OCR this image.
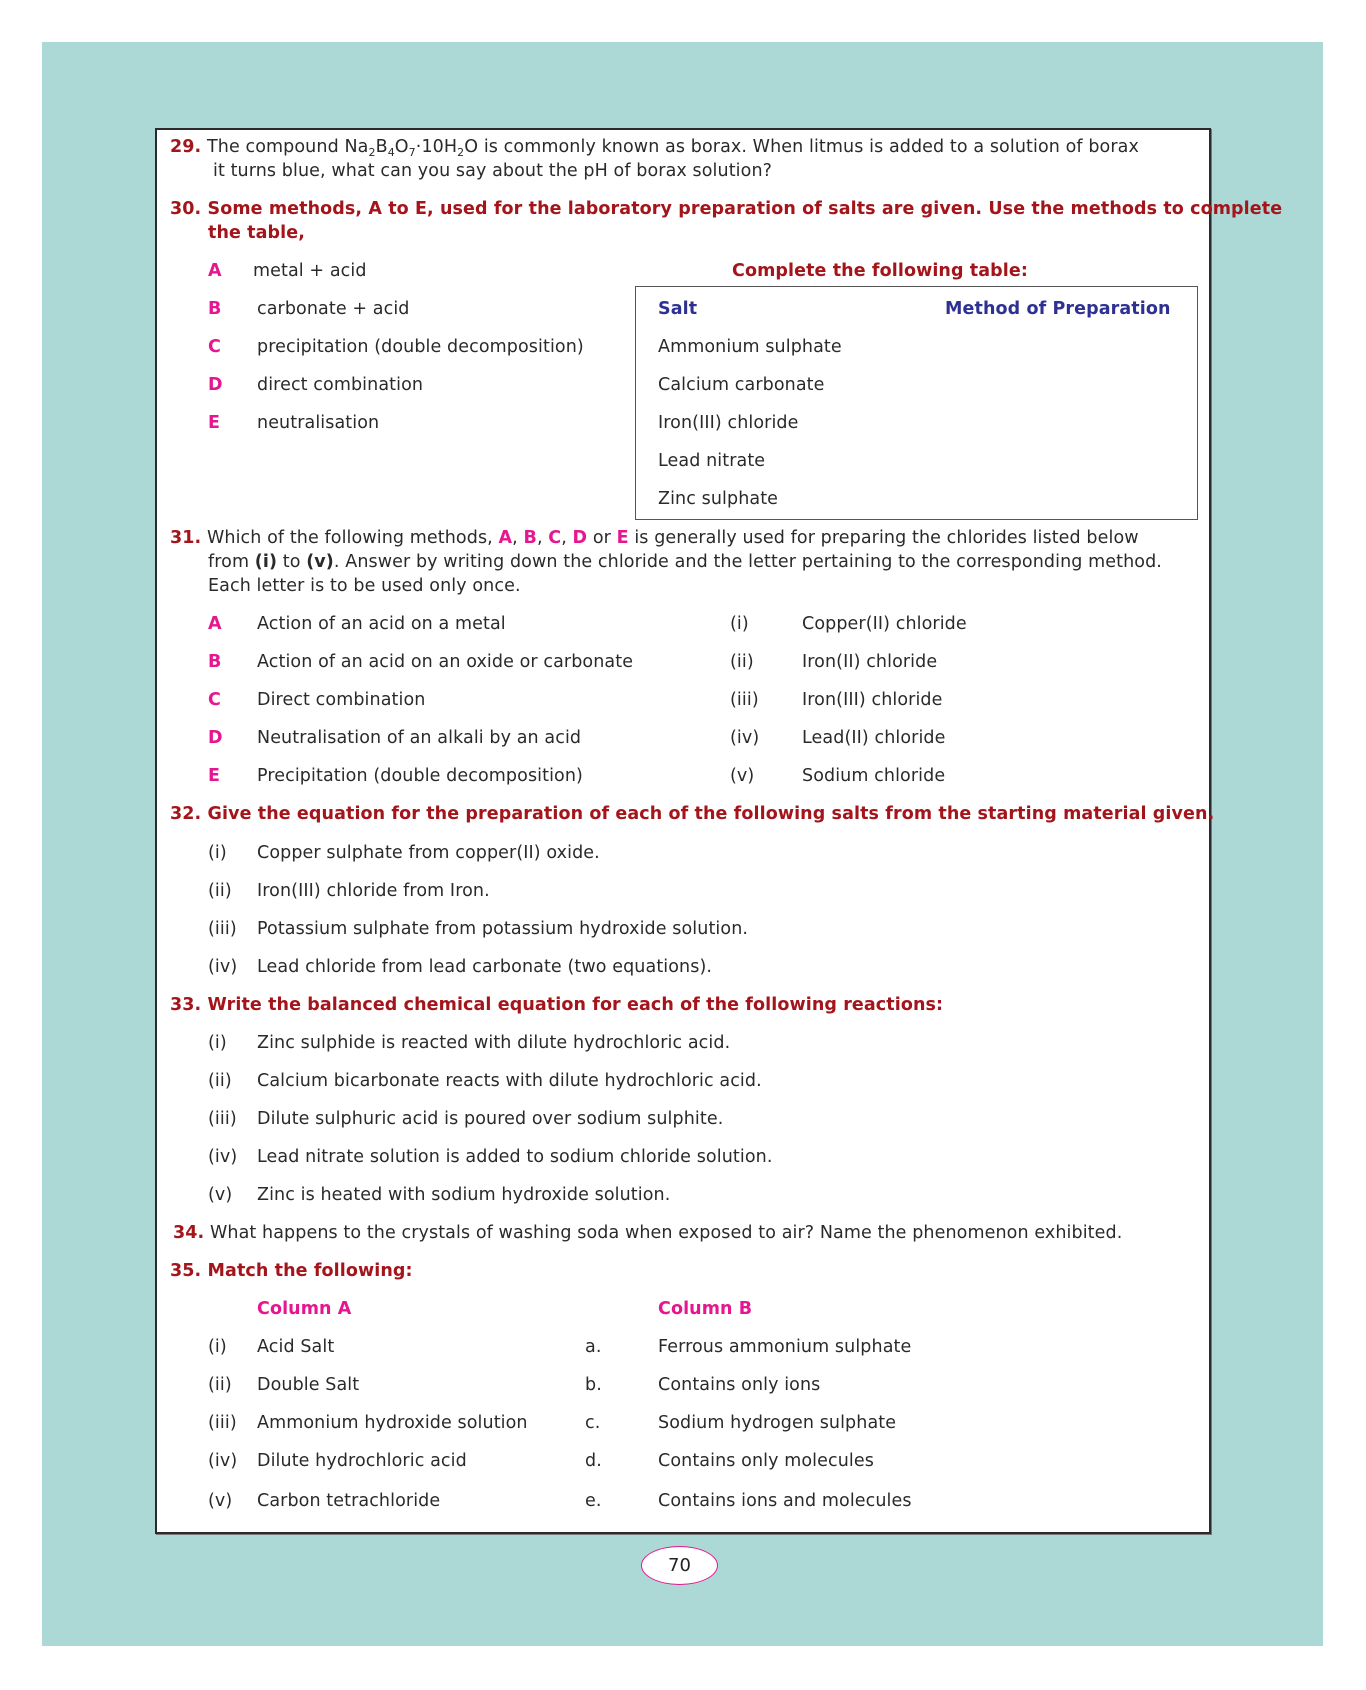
29. The compound $Na_2B_4O_7\cdot 10H_2O$ is commonly known as borax. When litmus is added to a solution of borax
it turns blue, what can you say about the pH of borax solution?
30. Some methods, A to E, used for the laboratory preparation of salts are given. Use the methods to complete
the table,
A metal + acid
B carbonate + acid
C precipitation (double decomposition)
D direct combination
E neutralisation
Complete the following table:
Salt	Method of Preparation
Ammonium sulphate
Calcium carbonate
Iron(III) chloride
Lead nitrate
Zinc sulphate
31. Which of the following methods, A, B, C, D or E is generally used for preparing the chlorides listed below
from (i) to (v). Answer by writing down the chloride and the letter pertaining to the corresponding method.
Each letter is to be used only once.
A Action of an acid on a metal	(i)	Copper(II) chloride
B Action of an acid on an oxide or carbonate	(ii)	Iron(II) chloride
C Direct combination	(iii) Iron(III) chloride
D Neutralisation of an alkali by an acid	(iv) Lead(II) chloride
E Precipitation (double decomposition)	(v)	Sodium chloride
32. Give the equation for the preparation of each of the following salts from the starting material given.
(i) Copper sulphate from copper(II) oxide.
(ii) Iron(III) chloride from Iron.
(iii) Potassium sulphate from potassium hydroxide solution.
(iv) Lead chloride from lead carbonate (two equations).
33. Write the balanced chemical equation for each of the following reactions:
(i) Zinc sulphide is reacted with dilute hydrochloric acid.
(ii) Calcium bicarbonate reacts with dilute hydrochloric acid.
(iii) Dilute sulphuric acid is poured over sodium sulphite.
(iv) Lead nitrate solution is added to sodium chloride solution.
(v) Zinc is heated with sodium hydroxide solution.
34. What happens to the crystals of washing soda when exposed to air? Name the phenomenon exhibited.
35. Match the following:
Column A	Column B
(i) Acid Salt	a.	Ferrous ammonium sulphate
(ii) Double Salt	b.	Contains only ions
(iii) Ammonium hydroxide solution	c.	Sodium hydrogen sulphate
(iv) Dilute hydrochloric acid	d.	Contains only molecules
(v) Carbon tetrachloride	e.	Contains ions and molecules
70
